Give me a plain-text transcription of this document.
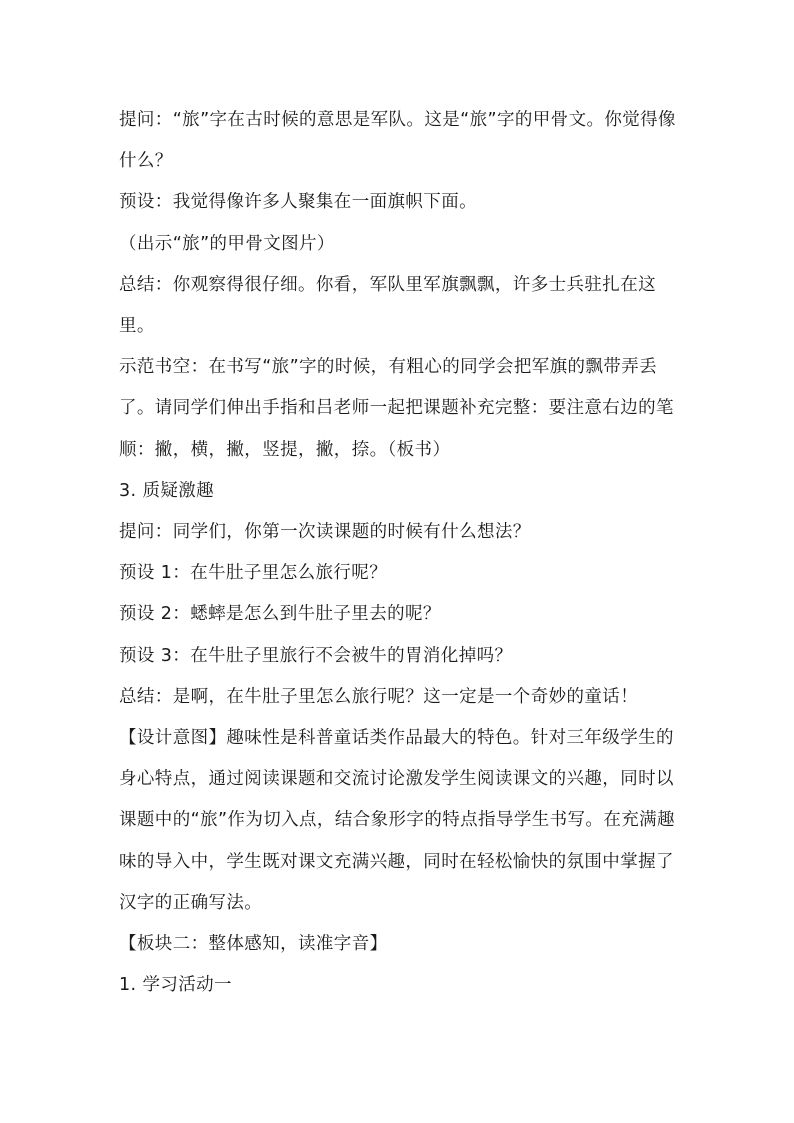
提问：“旅”字在古时候的意思是军队。这是“旅”字的甲骨文。你觉得像什么？

预设：我觉得像许多人聚集在一面旗帜下面。

（出示“旅”的甲骨文图片）

总结：你观察得很仔细。你看，军队里军旗飘飘，许多士兵驻扎在这里。

示范书空：在书写“旅”字的时候，有粗心的同学会把军旗的飘带弄丢了。请同学们伸出手指和吕老师一起把课题补充完整：要注意右边的笔顺：撇，横，撇，竖提，撇，捺。（板书）

3. 质疑激趣

提问：同学们，你第一次读课题的时候有什么想法？

预设 1：在牛肚子里怎么旅行呢？

预设 2：蟋蟀是怎么到牛肚子里去的呢？

预设 3：在牛肚子里旅行不会被牛的胃消化掉吗？

总结：是啊，在牛肚子里怎么旅行呢？这一定是一个奇妙的童话！

【设计意图】趣味性是科普童话类作品最大的特色。针对三年级学生的身心特点，通过阅读课题和交流讨论激发学生阅读课文的兴趣，同时以课题中的“旅”作为切入点，结合象形字的特点指导学生书写。在充满趣味的导入中，学生既对课文充满兴趣，同时在轻松愉快的氛围中掌握了汉字的正确写法。

【板块二：整体感知，读准字音】

1. 学习活动一
